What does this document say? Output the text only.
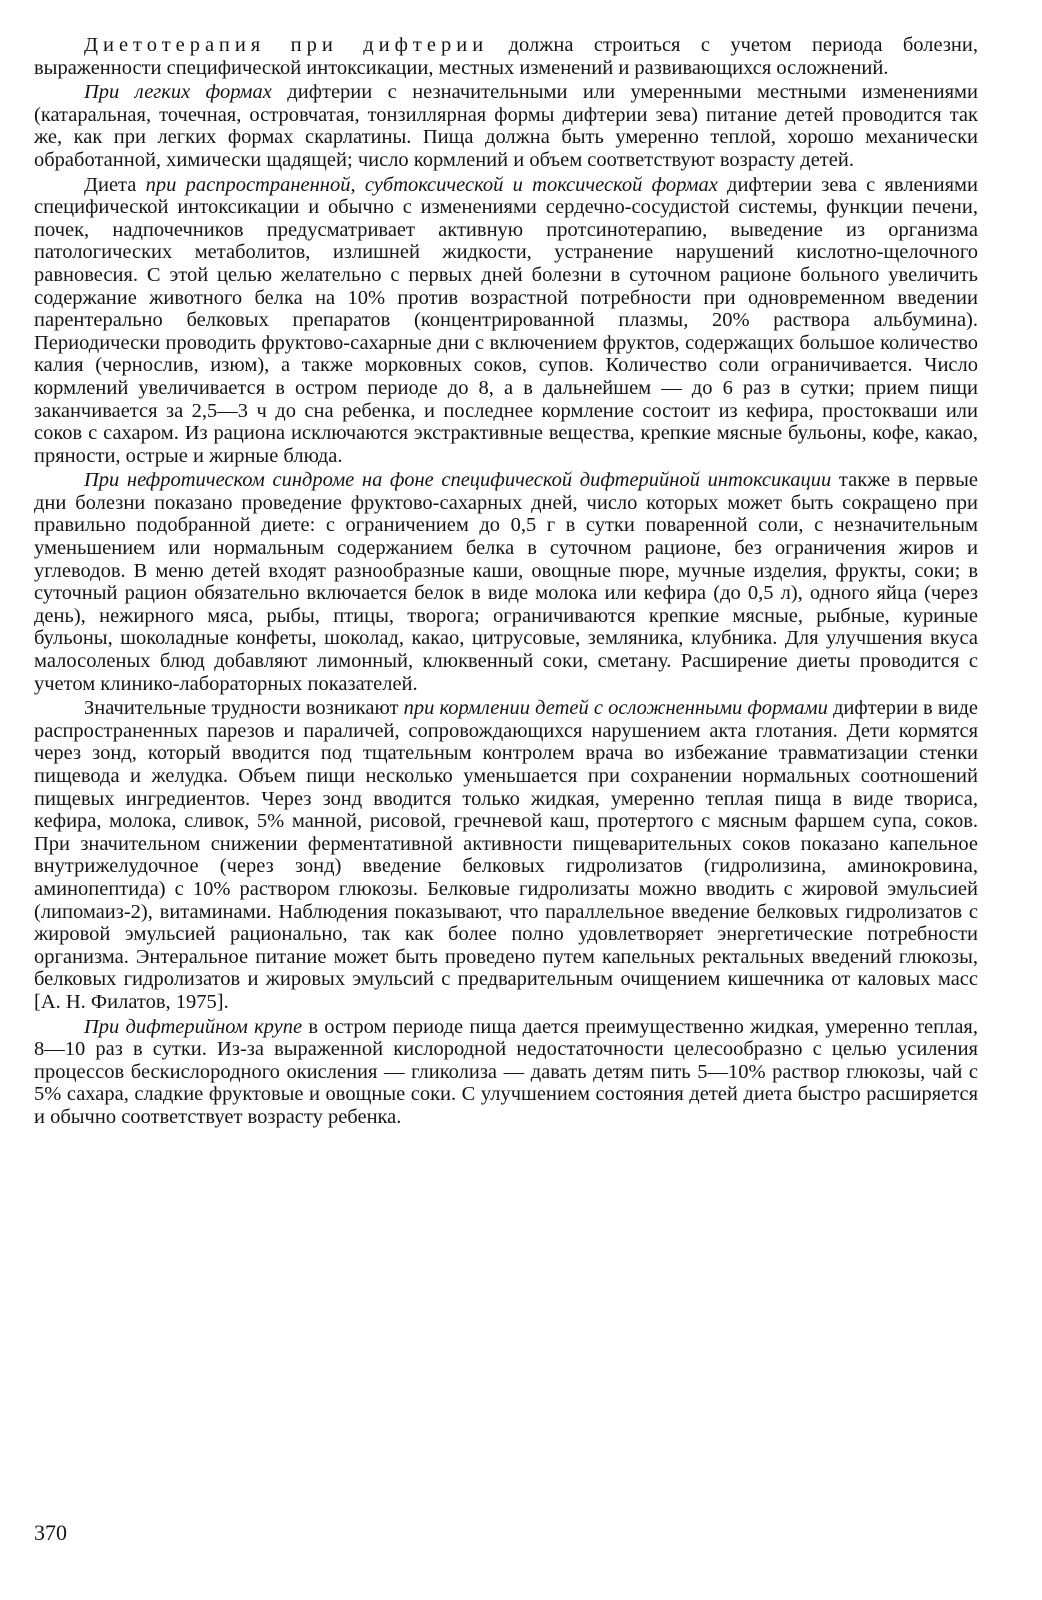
Диетотерапия при дифтерии должна строиться с учетом периода болезни, выраженности специфической интоксикации, местных изменений и развивающихся осложнений.

При легких формах дифтерии с незначительными или умеренными местными изменениями (катаральная, точечная, островчатая, тонзиллярная формы дифтерии зева) питание детей проводится так же, как при легких формах скарлатины. Пища должна быть умеренно теплой, хорошо механически обработанной, химически щадящей; число кормлений и объем соответствуют возрасту детей.

Диета при распространенной, субтоксической и токсической формах дифтерии зева с явлениями специфической интоксикации и обычно с изменениями сердечно-сосудистой системы, функции печени, почек, надпочечников предусматривает активную протсинотерапию, выведение из организма патологических метаболитов, излишней жидкости, устранение нарушений кислотно-щелочного равновесия. С этой целью желательно с первых дней болезни в суточном рационе больного увеличить содержание животного белка на 10% против возрастной потребности при одновременном введении парентерально белковых препаратов (концентрированной плазмы, 20% раствора альбумина). Периодически проводить фруктово-сахарные дни с включением фруктов, содержащих большое количество калия (чернослив, изюм), а также морковных соков, супов. Количество соли ограничивается. Число кормлений увеличивается в остром периоде до 8, а в дальнейшем — до 6 раз в сутки; прием пищи заканчивается за 2,5—3 ч до сна ребенка, и последнее кормление состоит из кефира, простокваши или соков с сахаром. Из рациона исключаются экстрактивные вещества, крепкие мясные бульоны, кофе, какао, пряности, острые и жирные блюда.

При нефротическом синдроме на фоне специфической дифтерийной интоксикации также в первые дни болезни показано проведение фруктово-сахарных дней, число которых может быть сокращено при правильно подобранной диете: с ограничением до 0,5 г в сутки поваренной соли, с незначительным уменьшением или нормальным содержанием белка в суточном рационе, без ограничения жиров и углеводов. В меню детей входят разнообразные каши, овощные пюре, мучные изделия, фрукты, соки; в суточный рацион обязательно включается белок в виде молока или кефира (до 0,5 л), одного яйца (через день), нежирного мяса, рыбы, птицы, творога; ограничиваются крепкие мясные, рыбные, куриные бульоны, шоколадные конфеты, шоколад, какао, цитрусовые, земляника, клубника. Для улучшения вкуса малосоленых блюд добавляют лимонный, клюквенный соки, сметану. Расширение диеты проводится с учетом клинико-лабораторных показателей.

Значительные трудности возникают при кормлении детей с осложненными формами дифтерии в виде распространенных парезов и параличей, сопровождающихся нарушением акта глотания. Дети кормятся через зонд, который вводится под тщательным контролем врача во избежание травматизации стенки пищевода и желудка. Объем пищи несколько уменьшается при сохранении нормальных соотношений пищевых ингредиентов. Через зонд вводится только жидкая, умеренно теплая пища в виде твориса, кефира, молока, сливок, 5% манной, рисовой, гречневой каш, протертого с мясным фаршем супа, соков. При значительном снижении ферментативной активности пищеварительных соков показано капельное внутрижелудочное (через зонд) введение белковых гидролизатов (гидролизина, аминокровина, аминопептида) с 10% раствором глюкозы. Белковые гидролизаты можно вводить с жировой эмульсией (липомаиз-2), витаминами. Наблюдения показывают, что параллельное введение белковых гидролизатов с жировой эмульсией рационально, так как более полно удовлетворяет энергетические потребности организма. Энтеральное питание может быть проведено путем капельных ректальных введений глюкозы, белковых гидролизатов и жировых эмульсий с предварительным очищением кишечника от каловых масс [А. Н. Филатов, 1975].

При дифтерийном крупе в остром периоде пища дается преимущественно жидкая, умеренно теплая, 8—10 раз в сутки. Из-за выраженной кислородной недостаточности целесообразно с целью усиления процессов бескислородного окисления — гликолиза — давать детям пить 5—10% раствор глюкозы, чай с 5% сахара, сладкие фруктовые и овощные соки. С улучшением состояния детей диета быстро расширяется и обычно соответствует возрасту ребенка.

370
